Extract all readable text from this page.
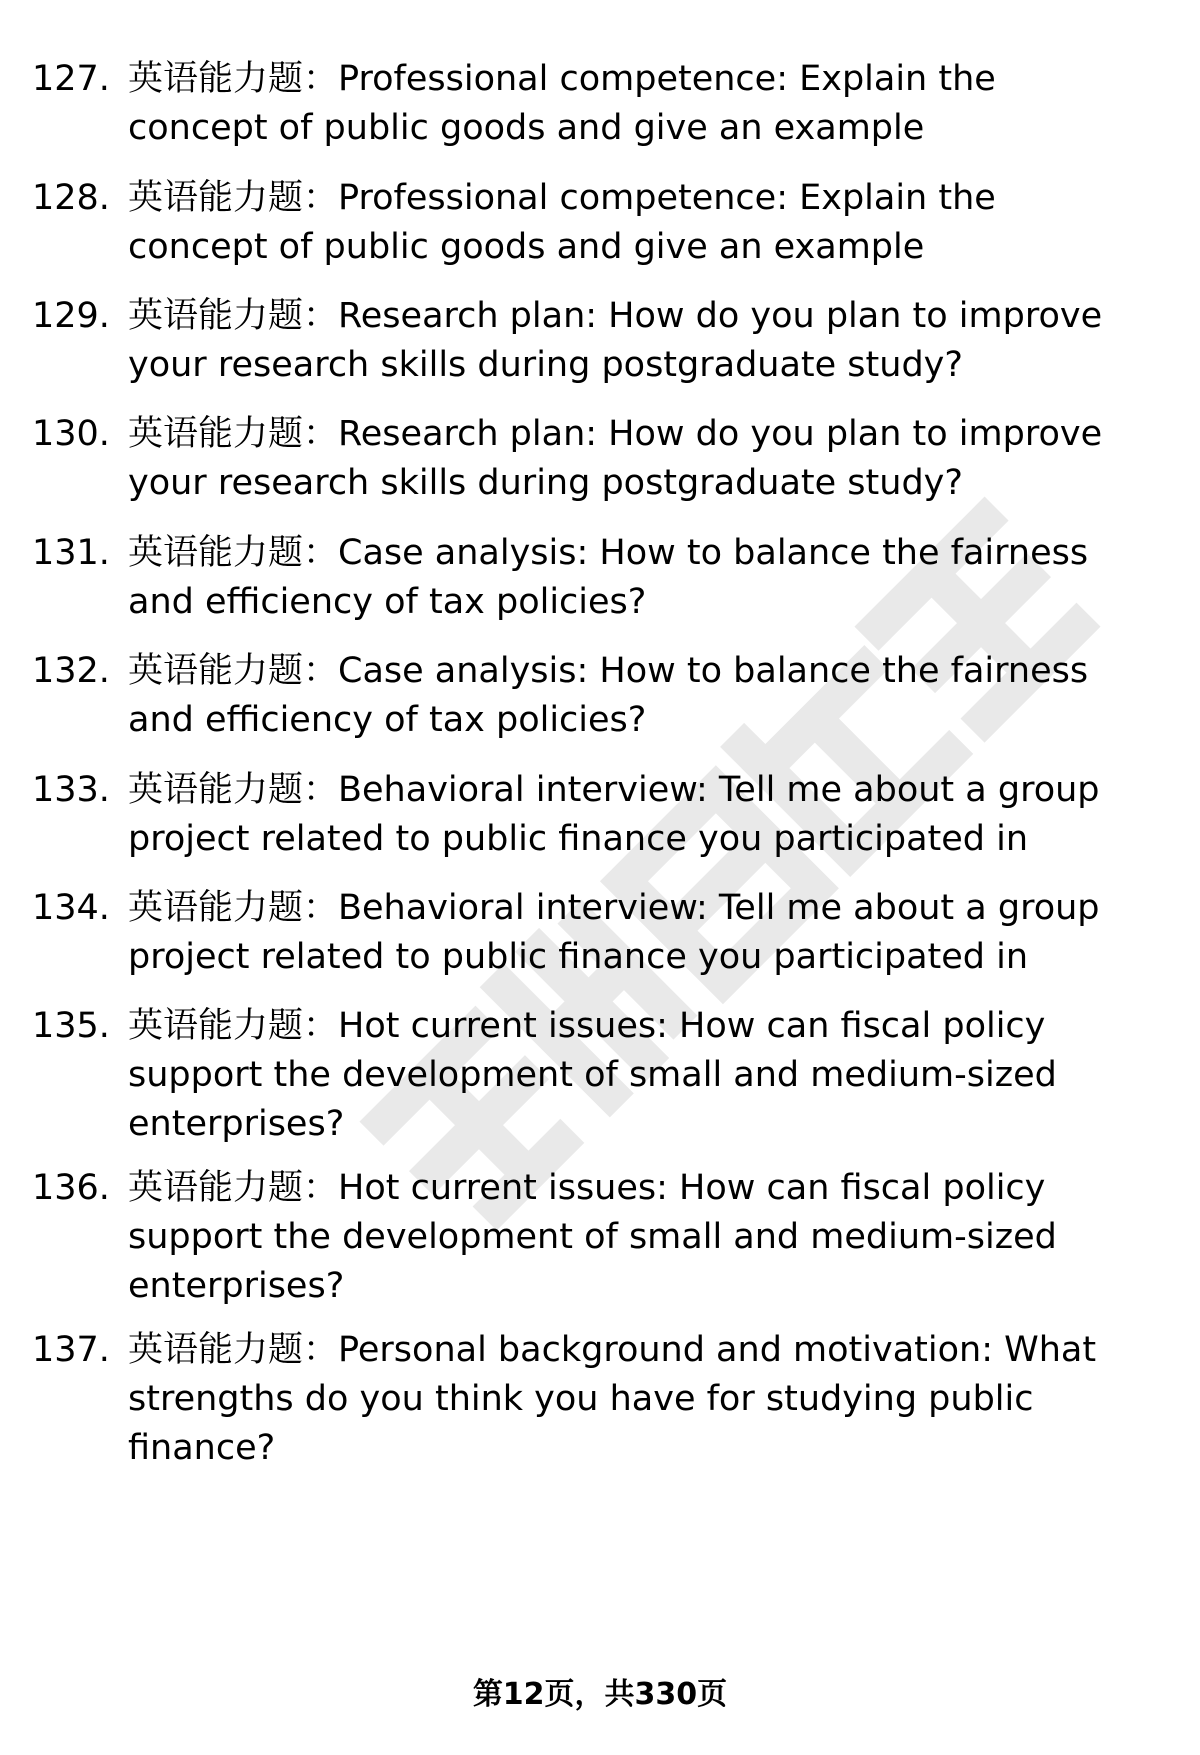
127. 英语能力题：Professional competence: Explain the concept of public goods and give an example
128. 英语能力题：Professional competence: Explain the concept of public goods and give an example
129. 英语能力题：Research plan: How do you plan to improve your research skills during postgraduate study?
130. 英语能力题：Research plan: How do you plan to improve your research skills during postgraduate study?
131. 英语能力题：Case analysis: How to balance the fairness and efficiency of tax policies?
132. 英语能力题：Case analysis: How to balance the fairness and efficiency of tax policies?
133. 英语能力题：Behavioral interview: Tell me about a group project related to public finance you participated in
134. 英语能力题：Behavioral interview: Tell me about a group project related to public finance you participated in
135. 英语能力题：Hot current issues: How can fiscal policy support the development of small and medium-sized enterprises?
136. 英语能力题：Hot current issues: How can fiscal policy support the development of small and medium-sized enterprises?
137. 英语能力题：Personal background and motivation: What strengths do you think you have for studying public finance?
第12页，共330页
